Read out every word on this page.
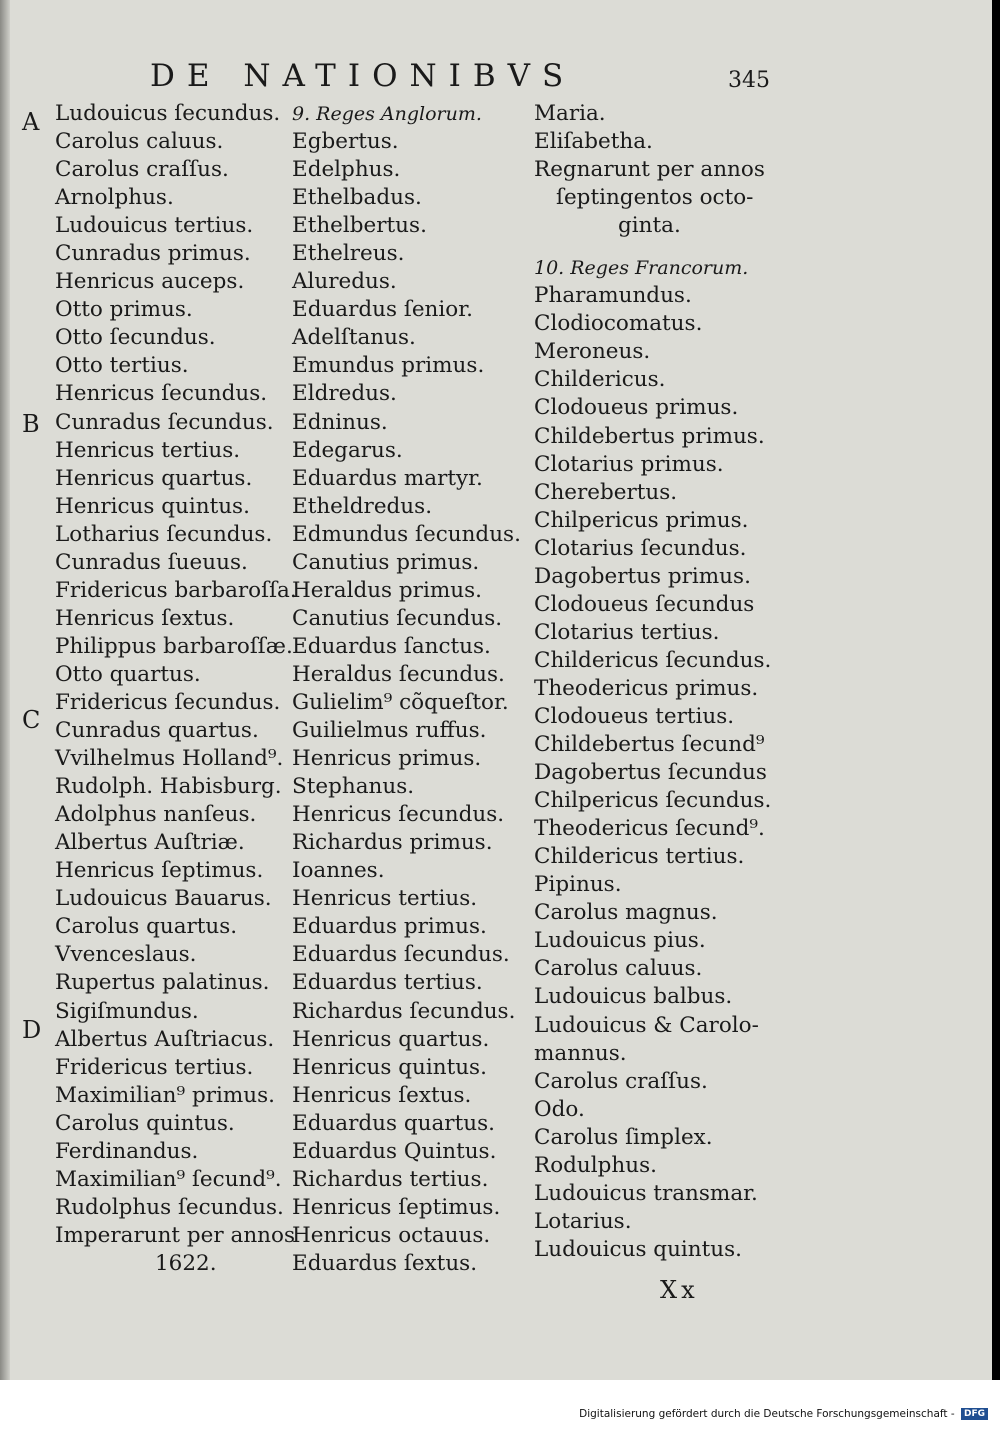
DE NATIONIBVS	345
A
B
C
D
Ludouicus ſecundus.
Carolus caluus.
Carolus craſſus.
Arnolphus.
Ludouicus tertius.
Cunradus primus.
Henricus auceps.
Otto primus.
Otto ſecundus.
Otto tertius.
Henricus ſecundus.
Cunradus ſecundus.
Henricus tertius.
Henricus quartus.
Henricus quintus.
Lotharius ſecundus.
Cunradus ſueuus.
Fridericus barbaroſſa.
Henricus ſextus.
Philippus barbaroſſæ.
Otto quartus.
Fridericus ſecundus.
Cunradus quartus.
Vvilhelmus Holland⁹.
Rudolph. Habisburg.
Adolphus nanſeus.
Albertus Auſtriæ.
Henricus ſeptimus.
Ludouicus Bauarus.
Carolus quartus.
Vvenceslaus.
Rupertus palatinus.
Sigiſmundus.
Albertus Auſtriacus.
Fridericus tertius.
Maximilian⁹ primus.
Carolus quintus.
Ferdinandus.
Maximilian⁹ ſecund⁹.
Rudolphus ſecundus.
Imperarunt per annos
1622.
9. Reges Anglorum.
Egbertus.
Edelphus.
Ethelbadus.
Ethelbertus.
Ethelreus.
Aluredus.
Eduardus ſenior.
Adelſtanus.
Emundus primus.
Eldredus.
Edninus.
Edegarus.
Eduardus martyr.
Etheldredus.
Edmundus ſecundus.
Canutius primus.
Heraldus primus.
Canutius ſecundus.
Eduardus ſanctus.
Heraldus ſecundus.
Gulielim⁹ cõqueſtor.
Guilielmus ruffus.
Henricus primus.
Stephanus.
Henricus ſecundus.
Richardus primus.
Ioannes.
Henricus tertius.
Eduardus primus.
Eduardus ſecundus.
Eduardus tertius.
Richardus ſecundus.
Henricus quartus.
Henricus quintus.
Henricus ſextus.
Eduardus quartus.
Eduardus Quintus.
Richardus tertius.
Henricus ſeptimus.
Henricus octauus.
Eduardus ſextus.
Maria.
Eliſabetha.
Regnarunt per annos
ſeptingentos octo-
ginta.
10. Reges Francorum.
Pharamundus.
Clodiocomatus.
Meroneus.
Childericus.
Clodoueus primus.
Childebertus primus.
Clotarius primus.
Cherebertus.
Chilpericus primus.
Clotarius ſecundus.
Dagobertus primus.
Clodoueus ſecundus
Clotarius tertius.
Childericus ſecundus.
Theodericus primus.
Clodoueus tertius.
Childebertus ſecund⁹
Dagobertus ſecundus
Chilpericus ſecundus.
Theodericus ſecund⁹.
Childericus tertius.
Pipinus.
Carolus magnus.
Ludouicus pius.
Carolus caluus.
Ludouicus balbus.
Ludouicus & Carolo-
mannus.
Carolus craſſus.
Odo.
Carolus ſimplex.
Rodulphus.
Ludouicus transmar.
Lotarius.
Ludouicus quintus.
Xx
Digitalisierung gefördert durch die Deutsche Forschungsgemeinschaft - DFG
